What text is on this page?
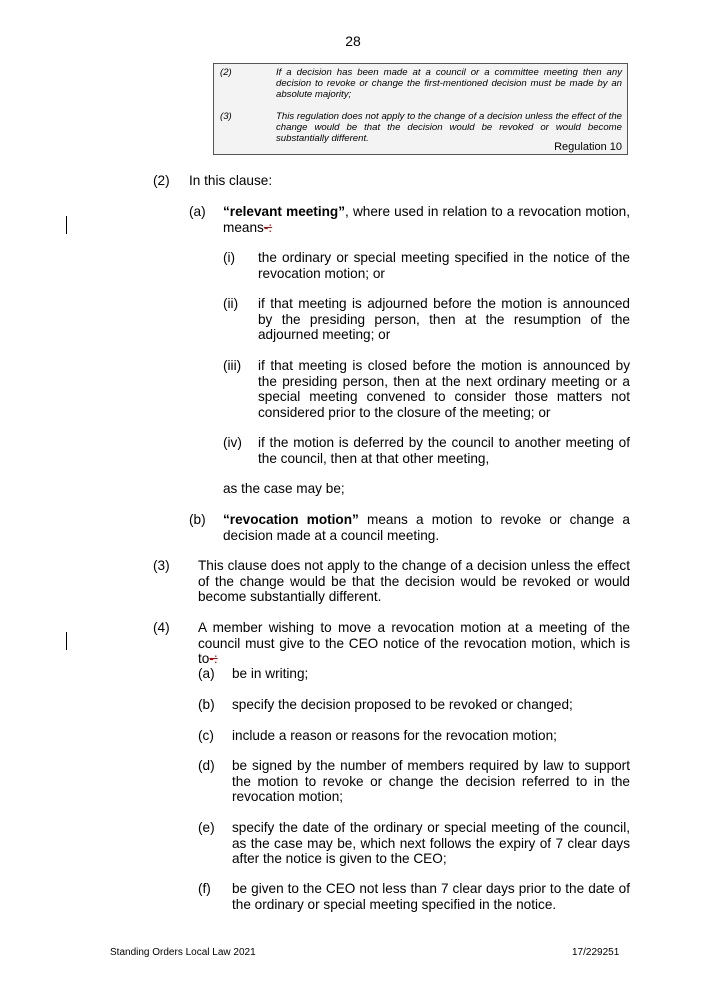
28
(2)	If a decision has been made at a council or a committee meeting then any decision to revoke or change the first-mentioned decision must be made by an absolute majority;
(3)	This regulation does not apply to the change of a decision unless the effect of the change would be that the decision would be revoked or would become substantially different.
Regulation 10
(2) In this clause:
(a) “relevant meeting”, where used in relation to a revocation motion, means-:
(i) the ordinary or special meeting specified in the notice of the revocation motion; or
(ii) if that meeting is adjourned before the motion is announced by the presiding person, then at the resumption of the adjourned meeting; or
(iii) if that meeting is closed before the motion is announced by the presiding person, then at the next ordinary meeting or a special meeting convened to consider those matters not considered prior to the closure of the meeting; or
(iv) if the motion is deferred by the council to another meeting of the council, then at that other meeting,
as the case may be;
(b) “revocation motion” means a motion to revoke or change a decision made at a council meeting.
(3) This clause does not apply to the change of a decision unless the effect of the change would be that the decision would be revoked or would become substantially different.
(4) A member wishing to move a revocation motion at a meeting of the council must give to the CEO notice of the revocation motion, which is to-:
(a) be in writing;
(b) specify the decision proposed to be revoked or changed;
(c) include a reason or reasons for the revocation motion;
(d) be signed by the number of members required by law to support the motion to revoke or change the decision referred to in the revocation motion;
(e) specify the date of the ordinary or special meeting of the council, as the case may be, which next follows the expiry of 7 clear days after the notice is given to the CEO;
(f) be given to the CEO not less than 7 clear days prior to the date of the ordinary or special meeting specified in the notice.
Standing Orders Local Law 2021	17/229251
